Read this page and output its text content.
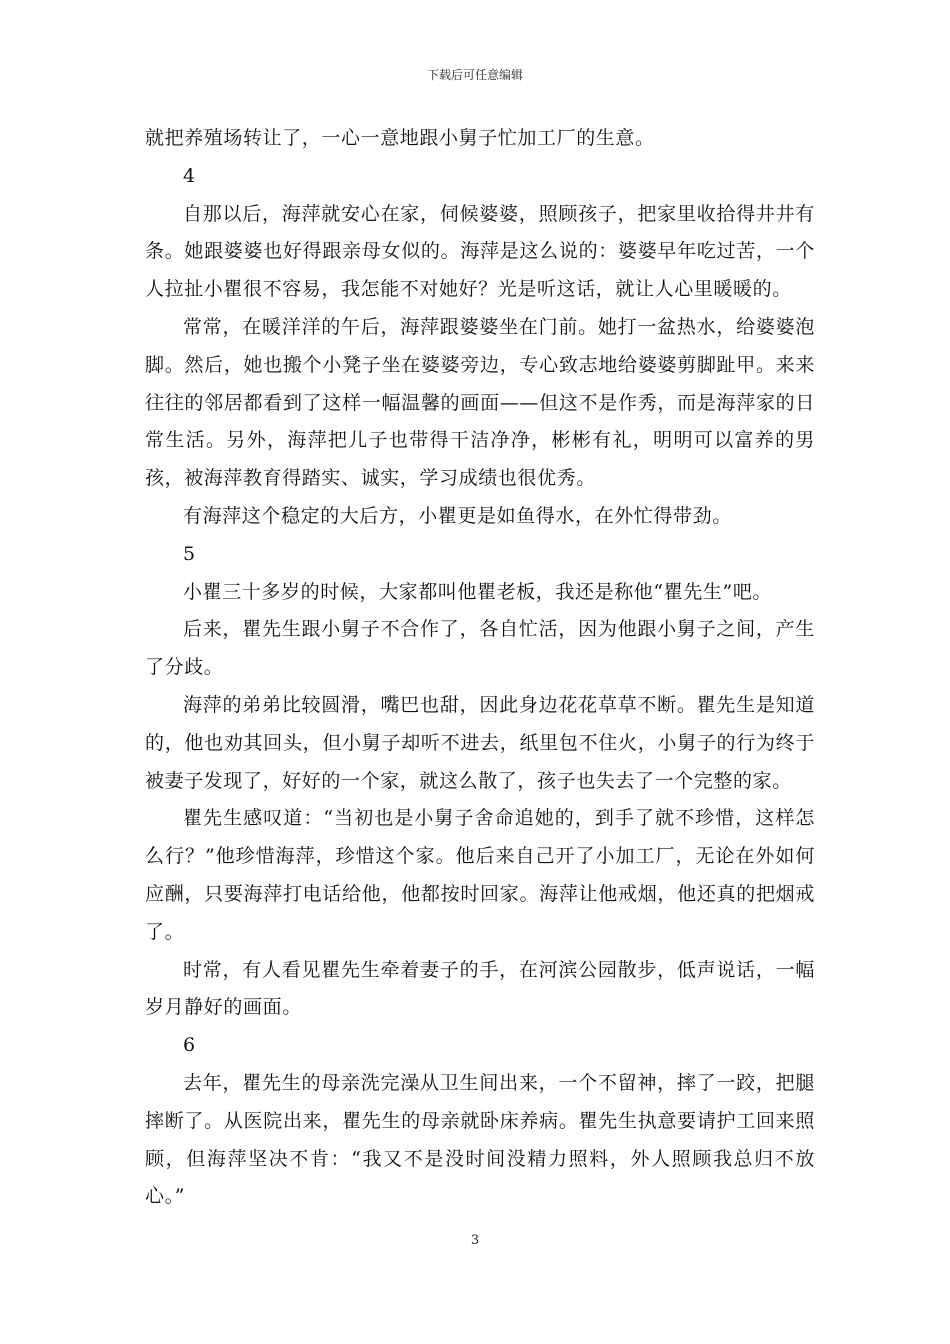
下载后可任意编辑

就把养殖场转让了，一心一意地跟小舅子忙加工厂的生意。

4

自那以后，海萍就安心在家，伺候婆婆，照顾孩子，把家里收拾得井井有条。她跟婆婆也好得跟亲母女似的。海萍是这么说的：婆婆早年吃过苦，一个人拉扯小瞿很不容易，我怎能不对她好？光是听这话，就让人心里暖暖的。

常常，在暖洋洋的午后，海萍跟婆婆坐在门前。她打一盆热水，给婆婆泡脚。然后，她也搬个小凳子坐在婆婆旁边，专心致志地给婆婆剪脚趾甲。来来往往的邻居都看到了这样一幅温馨的画面——但这不是作秀，而是海萍家的日常生活。另外，海萍把儿子也带得干洁净净，彬彬有礼，明明可以富养的男孩，被海萍教育得踏实、诚实，学习成绩也很优秀。

有海萍这个稳定的大后方，小瞿更是如鱼得水，在外忙得带劲。

5

小瞿三十多岁的时候，大家都叫他瞿老板，我还是称他“瞿先生”吧。

后来，瞿先生跟小舅子不合作了，各自忙活，因为他跟小舅子之间，产生了分歧。

海萍的弟弟比较圆滑，嘴巴也甜，因此身边花花草草不断。瞿先生是知道的，他也劝其回头，但小舅子却听不进去，纸里包不住火，小舅子的行为终于被妻子发现了，好好的一个家，就这么散了，孩子也失去了一个完整的家。

瞿先生感叹道：“当初也是小舅子舍命追她的，到手了就不珍惜，这样怎么行？”他珍惜海萍，珍惜这个家。他后来自己开了小加工厂，无论在外如何应酬，只要海萍打电话给他，他都按时回家。海萍让他戒烟，他还真的把烟戒了。

时常，有人看见瞿先生牵着妻子的手，在河滨公园散步，低声说话，一幅岁月静好的画面。

6

去年，瞿先生的母亲洗完澡从卫生间出来，一个不留神，摔了一跤，把腿摔断了。从医院出来，瞿先生的母亲就卧床养病。瞿先生执意要请护工回来照顾，但海萍坚决不肯：“我又不是没时间没精力照料，外人照顾我总归不放心。”

3
